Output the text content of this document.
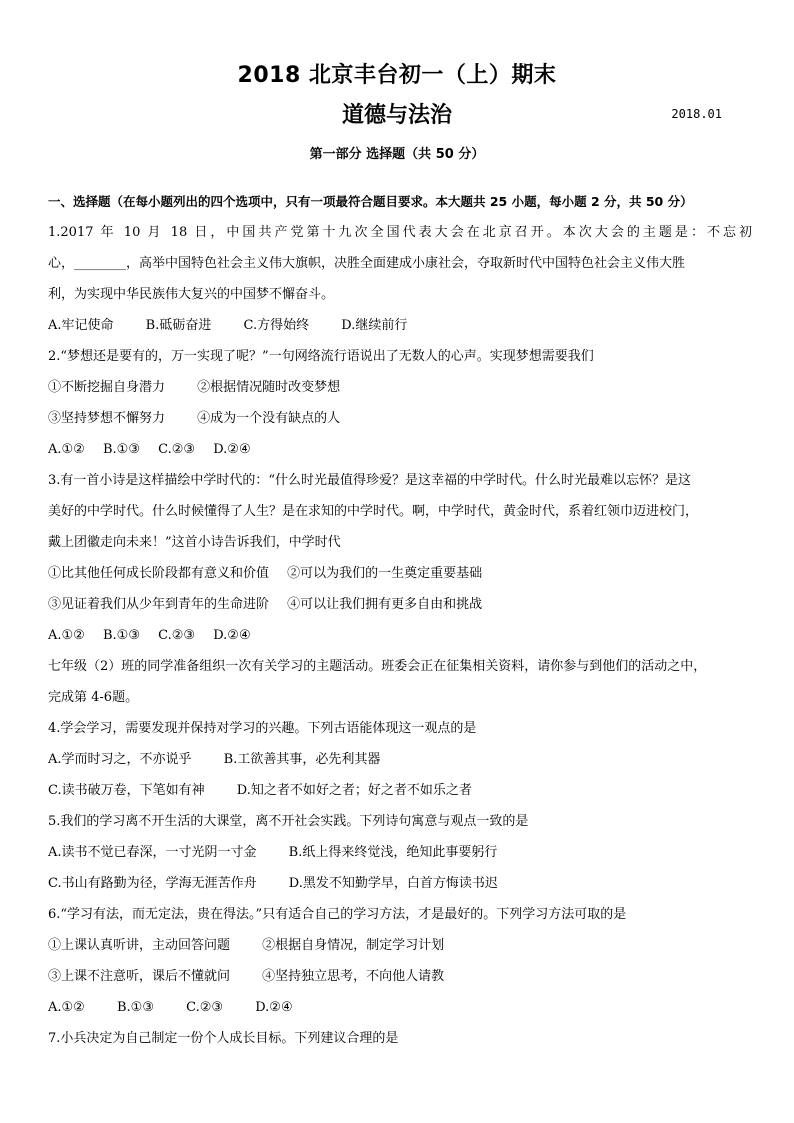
2018 北京丰台初一（上）期末
道德与法治	2018.01
第一部分 选择题（共 50 分）
一、选择题（在每小题列出的四个选项中，只有一项最符合题目要求。本大题共 25 小题，每小题 2 分，共 50 分）
1.2017 年 10 月 18 日，中国共产党第十九次全国代表大会在北京召开。本次大会的主题是：不忘初
心，________，高举中国特色社会主义伟大旗帜，决胜全面建成小康社会，夺取新时代中国特色社会主义伟大胜
利，为实现中华民族伟大复兴的中国梦不懈奋斗。
A.牢记使命 B.砥砺奋进 C.方得始终 D.继续前行
2.“梦想还是要有的，万一实现了呢？”一句网络流行语说出了无数人的心声。实现梦想需要我们
①不断挖掘自身潜力 ②根据情况随时改变梦想
③坚持梦想不懈努力 ④成为一个没有缺点的人
A.①② B.①③ C.②③ D.②④
3.有一首小诗是这样描绘中学时代的：“什么时光最值得珍爱？是这幸福的中学时代。什么时光最难以忘怀？是这
美好的中学时代。什么时候懂得了人生？是在求知的中学时代。啊，中学时代，黄金时代，系着红领巾迈进校门，
戴上团徽走向未来！”这首小诗告诉我们，中学时代
①比其他任何成长阶段都有意义和价值 ②可以为我们的一生奠定重要基础
③见证着我们从少年到青年的生命进阶 ④可以让我们拥有更多自由和挑战
A.①② B.①③ C.②③ D.②④
七年级（2）班的同学准备组织一次有关学习的主题活动。班委会正在征集相关资料，请你参与到他们的活动之中，
完成第 4-6题。
4.学会学习，需要发现并保持对学习的兴趣。下列古语能体现这一观点的是
A.学而时习之，不亦说乎 B.工欲善其事，必先利其器
C.读书破万卷，下笔如有神 D.知之者不如好之者；好之者不如乐之者
5.我们的学习离不开生活的大课堂，离不开社会实践。下列诗句寓意与观点一致的是
A.读书不觉已春深，一寸光阴一寸金 B.纸上得来终觉浅，绝知此事要躬行
C.书山有路勤为径，学海无涯苦作舟 D.黑发不知勤学早，白首方悔读书迟
6.“学习有法，而无定法，贵在得法。”只有适合自己的学习方法，才是最好的。下列学习方法可取的是
①上课认真听讲，主动回答问题 ②根据自身情况，制定学习计划
③上课不注意听，课后不懂就问 ④坚持独立思考，不向他人请教
A.①② B.①③ C.②③ D.②④
7.小兵决定为自己制定一份个人成长目标。下列建议合理的是
